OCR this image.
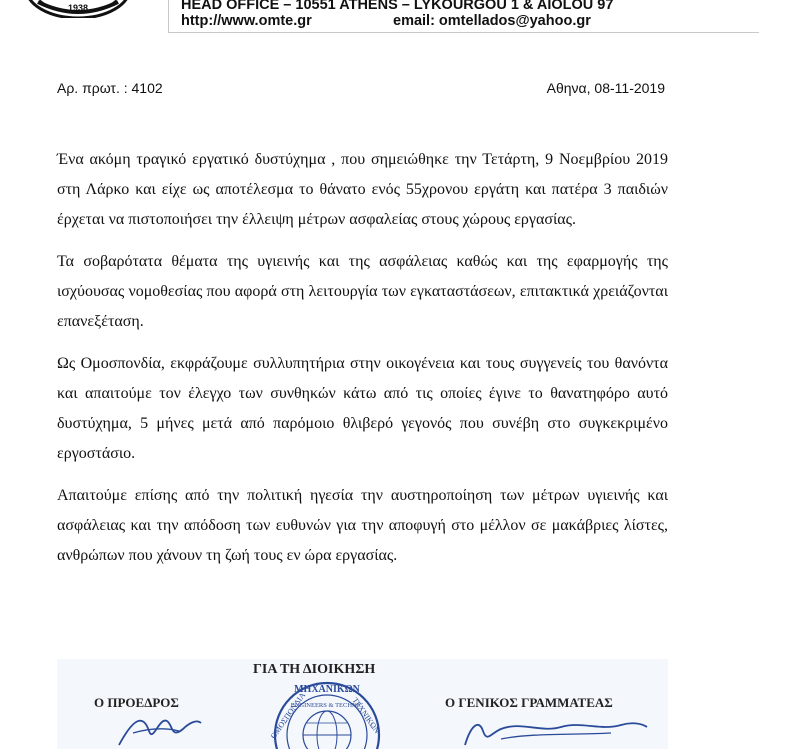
1938	HEAD OFFICE – 10551 ATHENS – LYKOURGOU 1 & AIOLOU 97
http://www.omte.gr	email: omtellados@yahoo.gr
Αρ. πρωτ. : 4102	Αθηνα, 08-11-2019

Ένα ακόμη τραγικό εργατικό δυστύχημα , που σημειώθηκε την Τετάρτη, 9 Νοεμβρίου 2019 στη Λάρκο και είχε ως αποτέλεσμα το θάνατο ενός 55χρονου εργάτη και πατέρα 3 παιδιών έρχεται να πιστοποιήσει την έλλειψη μέτρων ασφαλείας στους χώρους εργασίας.

Τα σοβαρότατα θέματα της υγιεινής και της ασφάλειας καθώς και της εφαρμογής της ισχύουσας νομοθεσίας που αφορά στη λειτουργία των εγκαταστάσεων, επιτακτικά χρειάζονται επανεξέταση.

Ως Ομοσπονδία, εκφράζουμε συλλυπητήρια στην οικογένεια και τους συγγενείς του θανόντα και απαιτούμε τον έλεγχο των συνθηκών κάτω από τις οποίες έγινε το θανατηφόρο αυτό δυστύχημα, 5 μήνες μετά από παρόμοιο θλιβερό γεγονός που συνέβη στο συγκεκριμένο εργοστάσιο.

Απαιτούμε επίσης από την πολιτική ηγεσία την αυστηροποίηση των μέτρων υγιεινής και ασφάλειας και την απόδοση των ευθυνών για την αποφυγή στο μέλλον σε μακάβριες λίστες, ανθρώπων που χάνουν τη ζωή τους εν ώρα εργασίας.

ΜΗΧΑΝΙΚΩΝ
ΟΜΟΣΠΟΝΔΙΑ	ΤΕΧΝΙΚΩΝ
ENGINEERS & TECHNIC
ΓΙΑ ΤΗ ΔΙΟΙΚΗΣΗ
Ο ΠΡΟΕΔΡΟΣ	Ο ΓΕΝΙΚΟΣ ΓΡΑΜΜΑΤΕΑΣ
